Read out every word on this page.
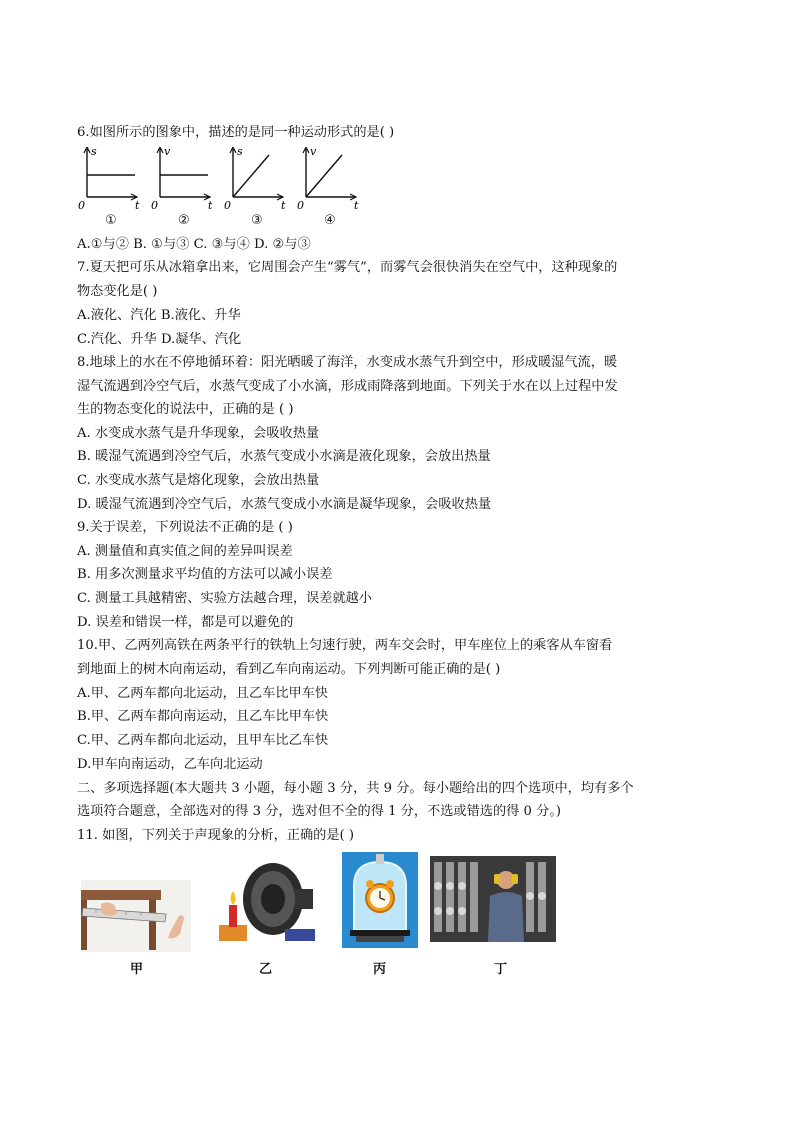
6.如图所示的图象中，描述的是同一种运动形式的是( )
s
0	t
v
0	t
s
0	t
v
0	t
①	②	③	④
A.①与② B. ①与③ C. ③与④ D. ②与③
7.夏天把可乐从冰箱拿出来，它周围会产生“雾气”，而雾气会很快消失在空气中，这种现象的
物态变化是( )
A.液化、汽化 B.液化、升华
C.汽化、升华 D.凝华、汽化
8.地球上的水在不停地循环着：阳光晒暖了海洋，水变成水蒸气升到空中，形成暖湿气流，暖
湿气流遇到冷空气后，水蒸气变成了小水滴，形成雨降落到地面。下列关于水在以上过程中发
生的物态变化的说法中，正确的是 ( )
A. 水变成水蒸气是升华现象，会吸收热量
B. 暖湿气流遇到冷空气后，水蒸气变成小水滴是液化现象，会放出热量
C. 水变成水蒸气是熔化现象，会放出热量
D. 暖湿气流遇到冷空气后，水蒸气变成小水滴是凝华现象，会吸收热量
9.关于误差，下列说法不正确的是 ( )
A. 测量值和真实值之间的差异叫误差
B. 用多次测量求平均值的方法可以减小误差
C. 测量工具越精密、实验方法越合理，误差就越小
D. 误差和错误一样，都是可以避免的
10.甲、乙两列高铁在两条平行的铁轨上匀速行驶，两车交会时，甲车座位上的乘客从车窗看
到地面上的树木向南运动，看到乙车向南运动。下列判断可能正确的是( )
A.甲、乙两车都向北运动，且乙车比甲车快
B.甲、乙两车都向南运动，且乙车比甲车快
C.甲、乙两车都向北运动，且甲车比乙车快
D.甲车向南运动，乙车向北运动
二、多项选择题(本大题共 3 小题，每小题 3 分，共 9 分。每小题给出的四个选项中，均有多个
选项符合题意，全部选对的得 3 分，选对但不全的得 1 分，不选或错选的得 0 分。)
11. 如图，下列关于声现象的分析，正确的是( )
甲	乙	丙	丁
